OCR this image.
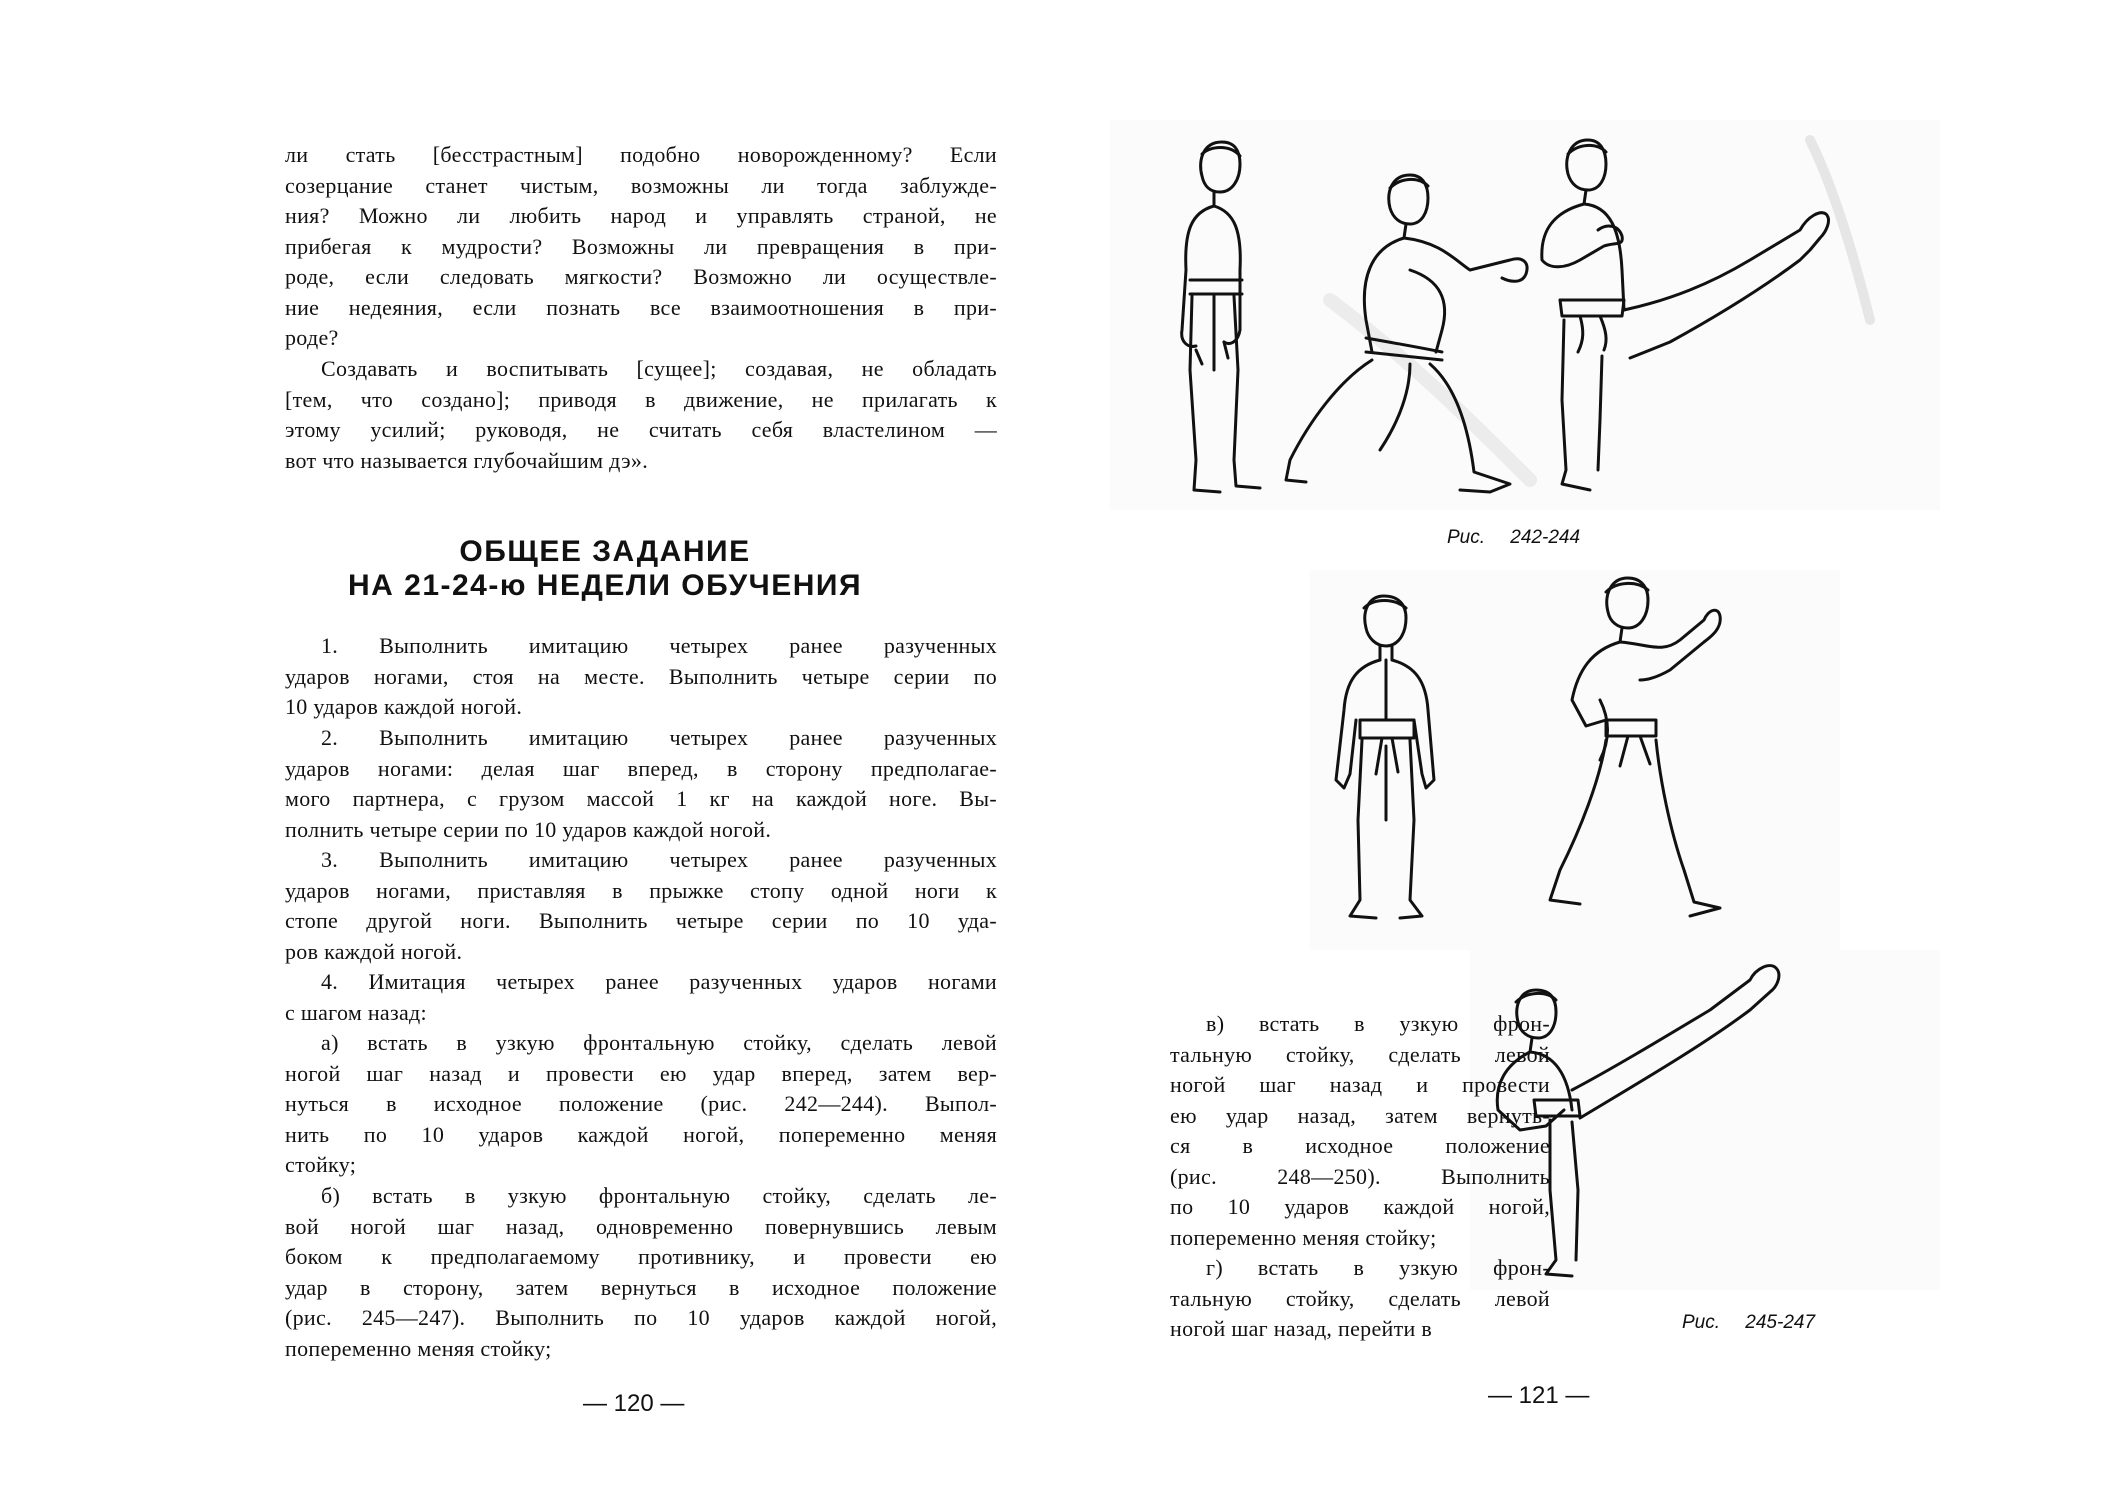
ли стать [бесстрастным] подобно новорожденному? Если
созерцание станет чистым, возможны ли тогда заблужде-
ния? Можно ли любить народ и управлять страной, не
прибегая к мудрости? Возможны ли превращения в при-
роде, если следовать мягкости? Возможно ли осуществле-
ние недеяния, если познать все взаимоотношения в при-
роде?
Создавать и воспитывать [сущее]; создавая, не обладать
[тем, что создано]; приводя в движение, не прилагать к
этому усилий; руководя, не считать себя властелином —
вот что называется глубочайшим дэ».
ОБЩЕЕ ЗАДАНИЕ
НА 21-24-ю НЕДЕЛИ ОБУЧЕНИЯ
1. Выполнить имитацию четырех ранее разученных
ударов ногами, стоя на месте. Выполнить четыре серии по
10 ударов каждой ногой.
2. Выполнить имитацию четырех ранее разученных
ударов ногами: делая шаг вперед, в сторону предполагае-
мого партнера, с грузом массой 1 кг на каждой ноге. Вы-
полнить четыре серии по 10 ударов каждой ногой.
3. Выполнить имитацию четырех ранее разученных
ударов ногами, приставляя в прыжке стопу одной ноги к
стопе другой ноги. Выполнить четыре серии по 10 уда-
ров каждой ногой.
4. Имитация четырех ранее разученных ударов ногами
с шагом назад:
а) встать в узкую фронтальную стойку, сделать левой
ногой шаг назад и провести ею удар вперед, затем вер-
нуться в исходное положение (рис. 242—244). Выпол-
нить по 10 ударов каждой ногой, попеременно меняя
стойку;
б) встать в узкую фронтальную стойку, сделать ле-
вой ногой шаг назад, одновременно повернувшись левым
боком к предполагаемому противнику, и провести ею
удар в сторону, затем вернуться в исходное положение
(рис. 245—247). Выполнить по 10 ударов каждой ногой,
попеременно меняя стойку;
— 120 —
Рис. 242-244
в) встать в узкую фрон-
тальную стойку, сделать левой
ногой шаг назад и провести
ею удар назад, затем вернуть-
ся в исходное положение
(рис. 248—250). Выполнить
по 10 ударов каждой ногой,
попеременно меняя стойку;
г) встать в узкую фрон-
тальную стойку, сделать левой
ногой шаг назад, перейти в	Рис. 245-247
— 121 —
